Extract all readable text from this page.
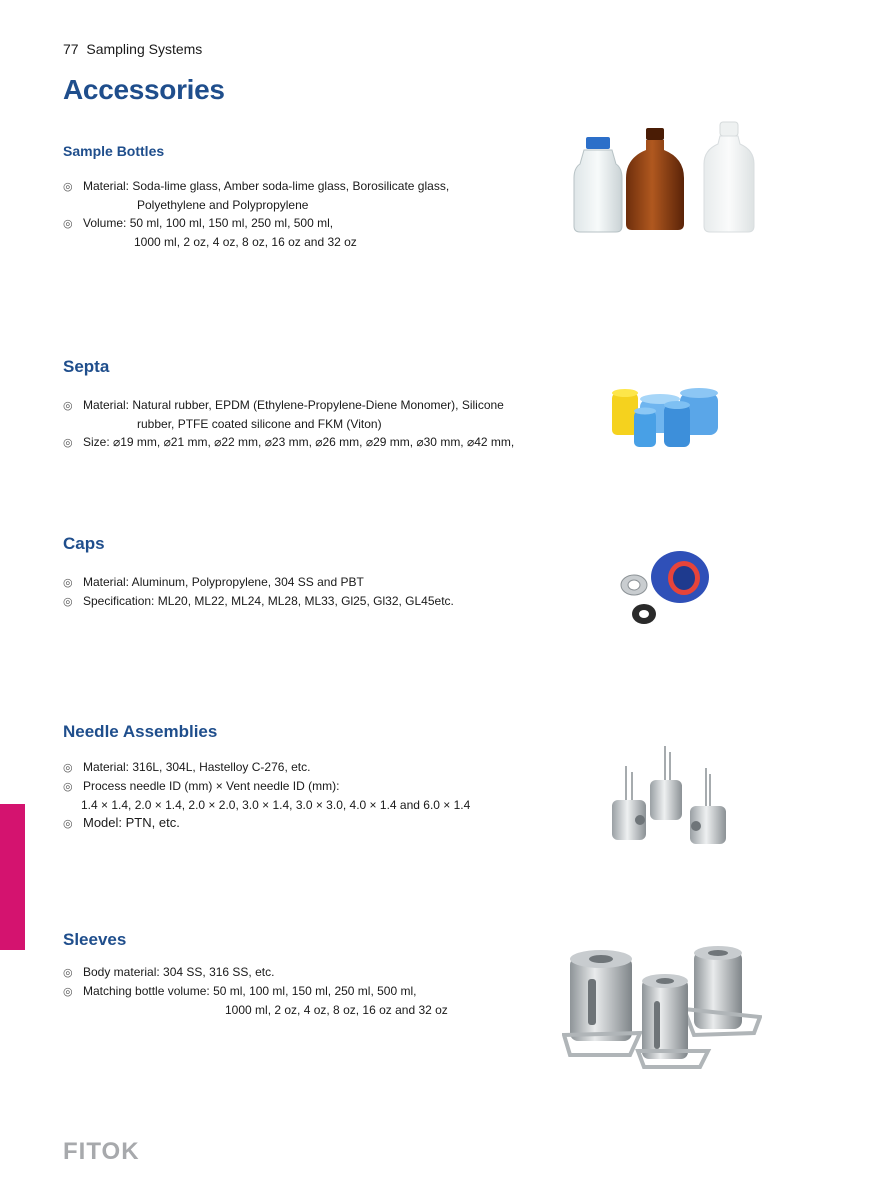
77 Sampling Systems
Accessories
Sample Bottles
◎ Material: Soda-lime glass, Amber soda-lime glass, Borosilicate glass,
Polyethylene and Polypropylene
◎ Volume: 50 ml, 100 ml, 150 ml, 250 ml, 500 ml,
1000 ml, 2 oz, 4 oz, 8 oz, 16 oz and 32 oz
Septa
◎ Material: Natural rubber, EPDM (Ethylene-Propylene-Diene Monomer), Silicone
rubber, PTFE coated silicone and FKM (Viton)
◎ Size: ⌀19 mm, ⌀21 mm, ⌀22 mm, ⌀23 mm, ⌀26 mm, ⌀29 mm, ⌀30 mm, ⌀42 mm,
Caps
◎ Material: Aluminum, Polypropylene, 304 SS and PBT
◎ Specification: ML20, ML22, ML24, ML28, ML33, Gl25, Gl32, GL45etc.
Needle Assemblies
◎ Material: 316L, 304L, Hastelloy C-276, etc.
◎ Process needle ID (mm) × Vent needle ID (mm):
1.4 × 1.4, 2.0 × 1.4, 2.0 × 2.0, 3.0 × 1.4, 3.0 × 3.0, 4.0 × 1.4 and 6.0 × 1.4
◎ Model: PTN, etc.
Sleeves
◎ Body material: 304 SS, 316 SS, etc.
◎ Matching bottle volume: 50 ml, 100 ml, 150 ml, 250 ml, 500 ml,
1000 ml, 2 oz, 4 oz, 8 oz, 16 oz and 32 oz
FITOK
